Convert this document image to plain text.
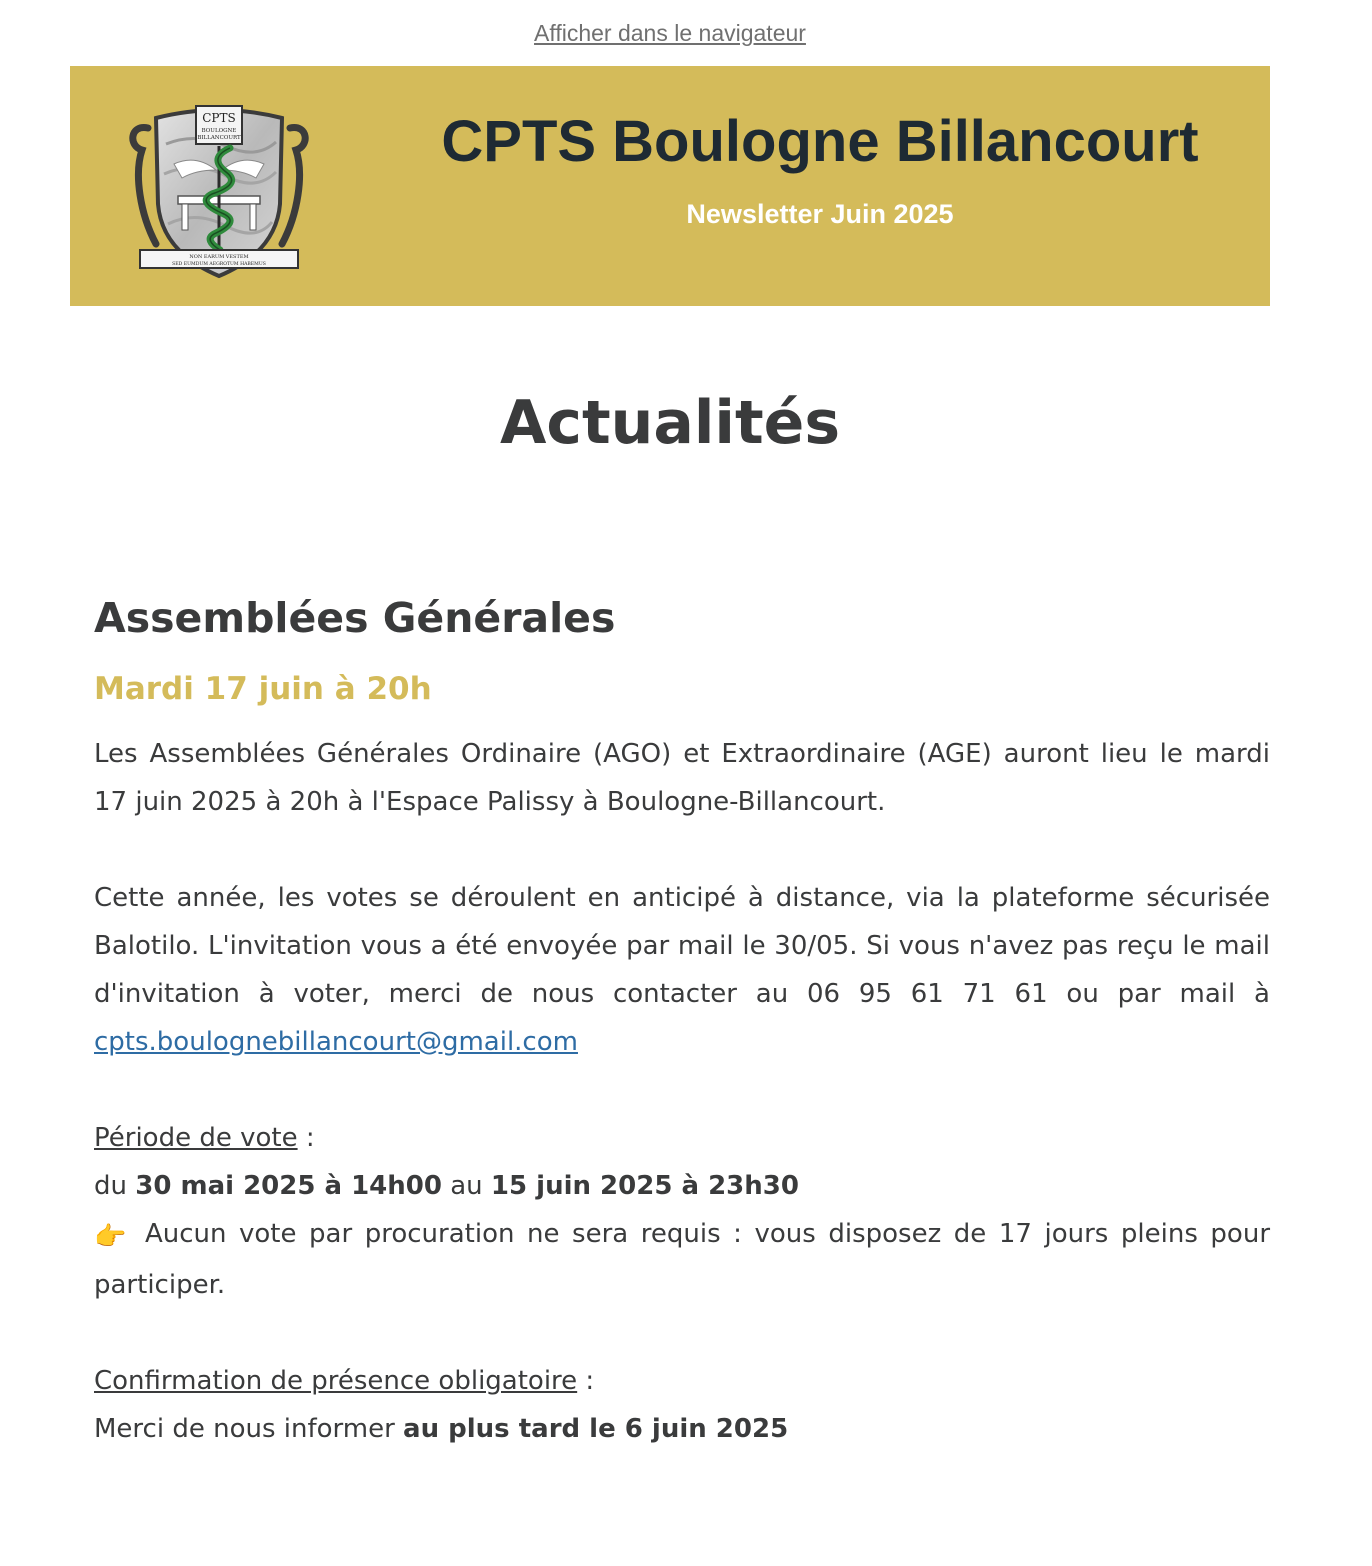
Afficher dans le navigateur
CPTS
BOULOGNE
BILLANCOURT
NON EARUM VESTEM
SED EUMDUM AEGROTUM HABEMUS
CPTS Boulogne Billancourt
Newsletter Juin 2025
Actualités
Assemblées Générales
Mardi 17 juin à 20h

Les Assemblées Générales Ordinaire (AGO) et Extraordinaire (AGE) auront lieu le mardi 17 juin 2025 à 20h à l'Espace Palissy à Boulogne-Billancourt.

Cette année, les votes se déroulent en anticipé à distance, via la plateforme sécurisée Balotilo. L'invitation vous a été envoyée par mail le 30/05. Si vous n'avez pas reçu le mail d'invitation à voter, merci de nous contacter au 06 95 61 71 61 ou par mail à cpts.boulognebillancourt@gmail.com

Période de vote :

du 30 mai 2025 à 14h00 au 15 juin 2025 à 23h30

👉 Aucun vote par procuration ne sera requis : vous disposez de 17 jours pleins pour participer.

Confirmation de présence obligatoire :

Merci de nous informer au plus tard le 6 juin 2025
